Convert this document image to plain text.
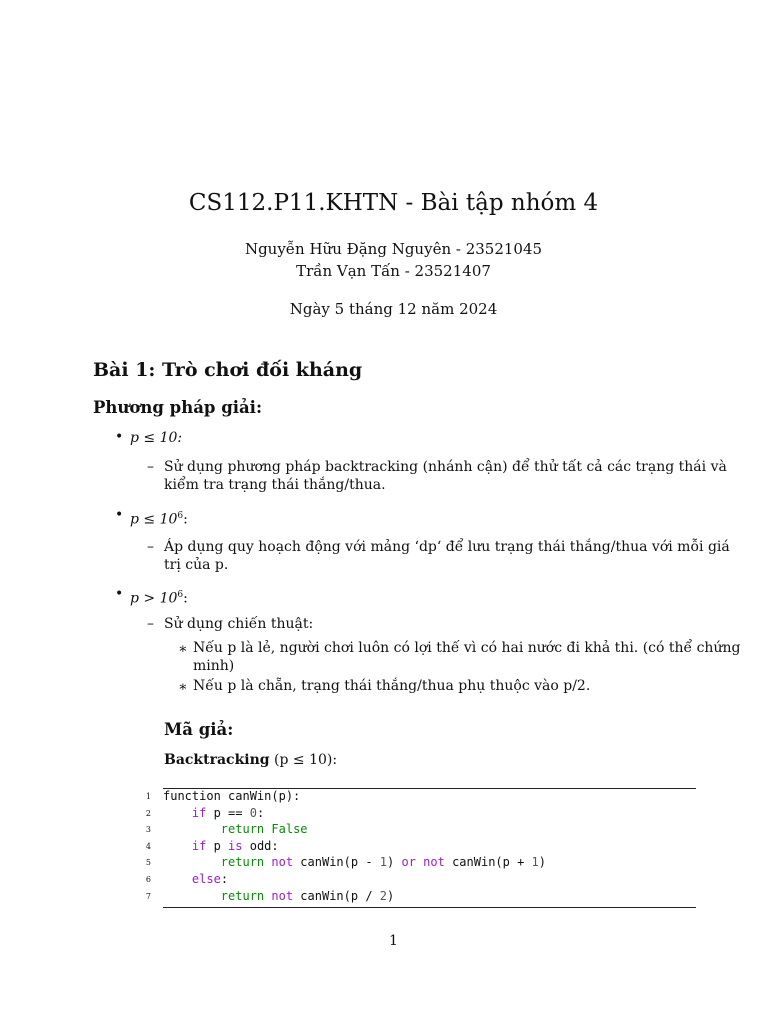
CS112.P11.KHTN - Bài tập nhóm 4
Nguyễn Hữu Đặng Nguyên - 23521045
Trần Vạn Tấn - 23521407
Ngày 5 tháng 12 năm 2024
Bài 1: Trò chơi đối kháng
Phương pháp giải:
• p ≤ 10:
– Sử dụng phương pháp backtracking (nhánh cận) để thử tất cả các trạng thái và
kiểm tra trạng thái thắng/thua.
• $p \le 10^6$:
– Áp dụng quy hoạch động với mảng ‘dp‘ để lưu trạng thái thắng/thua với mỗi giá
trị của p.
• $p > 10^6$:
– Sử dụng chiến thuật:
∗ Nếu p là lẻ, người chơi luôn có lợi thế vì có hai nước đi khả thi. (có thể chứng
minh)
∗ Nếu p là chẵn, trạng thái thắng/thua phụ thuộc vào p/2.
Mã giả:
Backtracking (p ≤ 10):
1 function canWin(p):
2	if p == 0:
3	return False
4	if p is odd:
5	return not canWin(p - 1) or not canWin(p + 1)
6	else:
7	return not canWin(p / 2)
1
